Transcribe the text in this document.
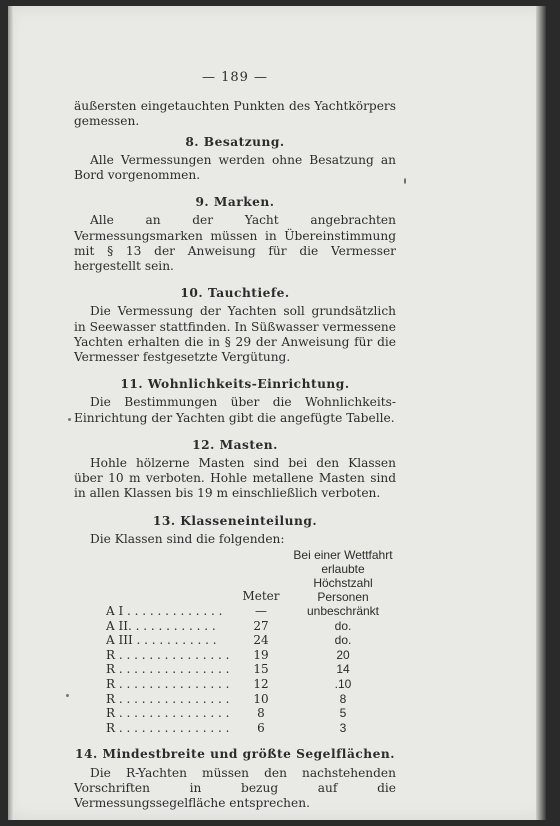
— 189 —

äußersten eingetauchten Punkten des Yachtkörpers gemessen.

8. Besatzung.

Alle Vermessungen werden ohne Besatzung an Bord vorgenommen.

9. Marken.

Alle an der Yacht angebrachten Vermessungsmarken müssen in Übereinstimmung mit § 13 der Anweisung für die Vermesser hergestellt sein.

10. Tauchtiefe.

Die Vermessung der Yachten soll grundsätzlich in Seewasser stattfinden. In Süßwasser vermessene Yachten erhalten die in § 29 der Anweisung für die Vermesser festgesetzte Vergütung.

11. Wohnlichkeits-Einrichtung.

Die Bestimmungen über die Wohnlichkeits-Einrichtung der Yachten gibt die angefügte Tabelle.

12. Masten.

Hohle hölzerne Masten sind bei den Klassen über 10 m verboten. Hohle metallene Masten sind in allen Klassen bis 19 m einschließlich verboten.

13. Klasseneinteilung.

Die Klassen sind die folgenden:

	Meter	Bei einer Wettfahrt erlaubte Höchstzahl Personen
A I . . . . . . . . . . . . .	—	unbeschränkt
A II. . . . . . . . . . . .	27	do.
A III . . . . . . . . . . .	24	do.
R . . . . . . . . . . . . . . .	19	20
R . . . . . . . . . . . . . . .	15	14
R . . . . . . . . . . . . . . .	12	.10
R . . . . . . . . . . . . . . .	10	8
R . . . . . . . . . . . . . . .	8	5
R . . . . . . . . . . . . . . .	6	3
14. Mindestbreite und größte Segelflächen.

Die R-Yachten müssen den nachstehenden Vorschriften in bezug auf die Vermessungssegelfläche entsprechen.
